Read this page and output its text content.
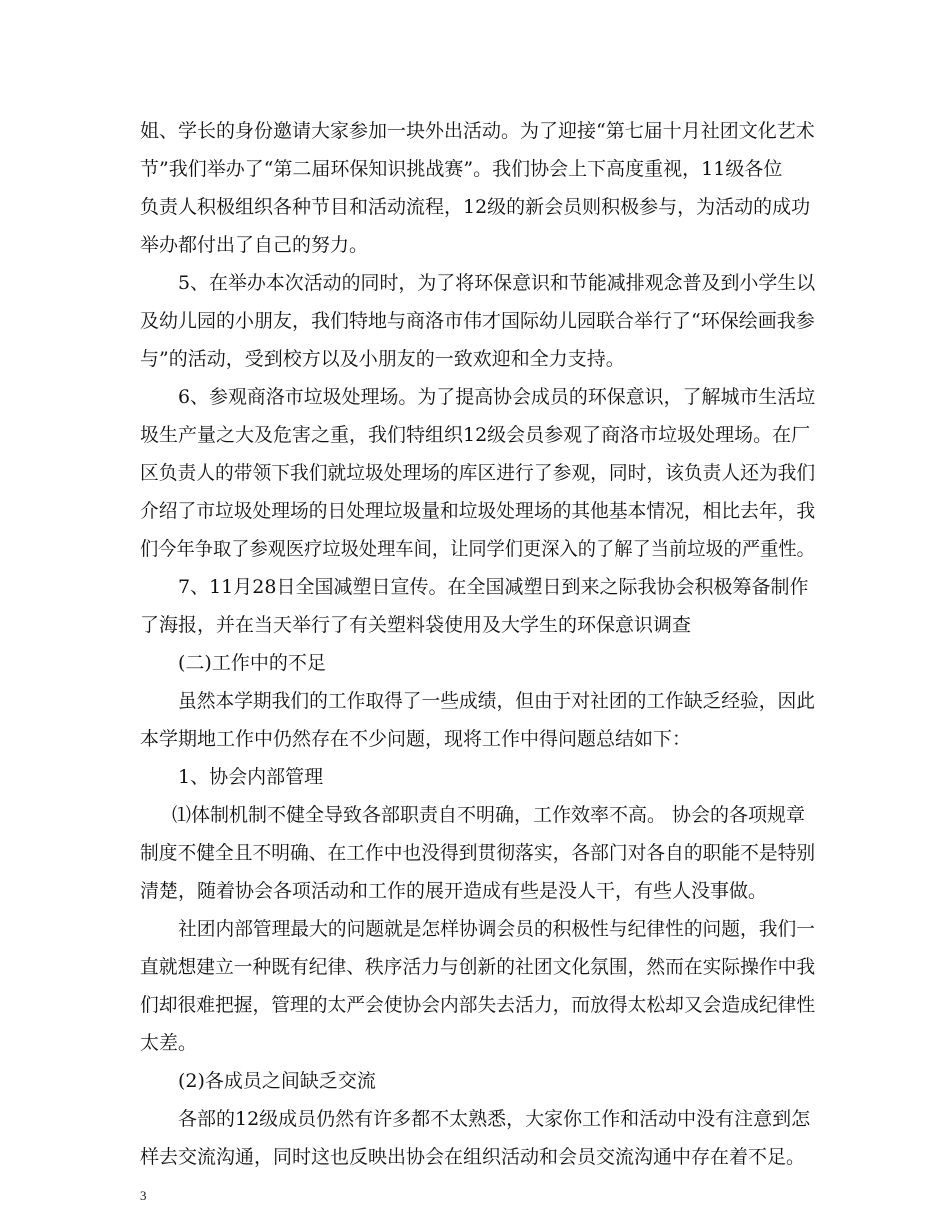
姐、学长的身份邀请大家参加一块外出活动。为了迎接“第七届十月社团文化艺术
节”我们举办了“第二届环保知识挑战赛”。我们协会上下高度重视，11级各位
负责人积极组织各种节目和活动流程，12级的新会员则积极参与，为活动的成功
举办都付出了自己的努力。
5、在举办本次活动的同时，为了将环保意识和节能减排观念普及到小学生以
及幼儿园的小朋友，我们特地与商洛市伟才国际幼儿园联合举行了“环保绘画我参
与”的活动，受到校方以及小朋友的一致欢迎和全力支持。
6、参观商洛市垃圾处理场。为了提高协会成员的环保意识，了解城市生活垃
圾生产量之大及危害之重，我们特组织12级会员参观了商洛市垃圾处理场。在厂
区负责人的带领下我们就垃圾处理场的库区进行了参观，同时，该负责人还为我们
介绍了市垃圾处理场的日处理垃圾量和垃圾处理场的其他基本情况，相比去年，我
们今年争取了参观医疗垃圾处理车间，让同学们更深入的了解了当前垃圾的严重性。
7、11月28日全国减塑日宣传。在全国减塑日到来之际我协会积极筹备制作
了海报，并在当天举行了有关塑料袋使用及大学生的环保意识调查
(二)工作中的不足
虽然本学期我们的工作取得了一些成绩，但由于对社团的工作缺乏经验，因此
本学期地工作中仍然存在不少问题，现将工作中得问题总结如下：
1、协会内部管理
⑴体制机制不健全导致各部职责自不明确，工作效率不高。 协会的各项规章
制度不健全且不明确、在工作中也没得到贯彻落实，各部门对各自的职能不是特别
清楚，随着协会各项活动和工作的展开造成有些是没人干，有些人没事做。
社团内部管理最大的问题就是怎样协调会员的积极性与纪律性的问题，我们一
直就想建立一种既有纪律、秩序活力与创新的社团文化氛围，然而在实际操作中我
们却很难把握，管理的太严会使协会内部失去活力，而放得太松却又会造成纪律性
太差。
(2)各成员之间缺乏交流
各部的12级成员仍然有许多都不太熟悉，大家你工作和活动中没有注意到怎
样去交流沟通，同时这也反映出协会在组织活动和会员交流沟通中存在着不足。
3
